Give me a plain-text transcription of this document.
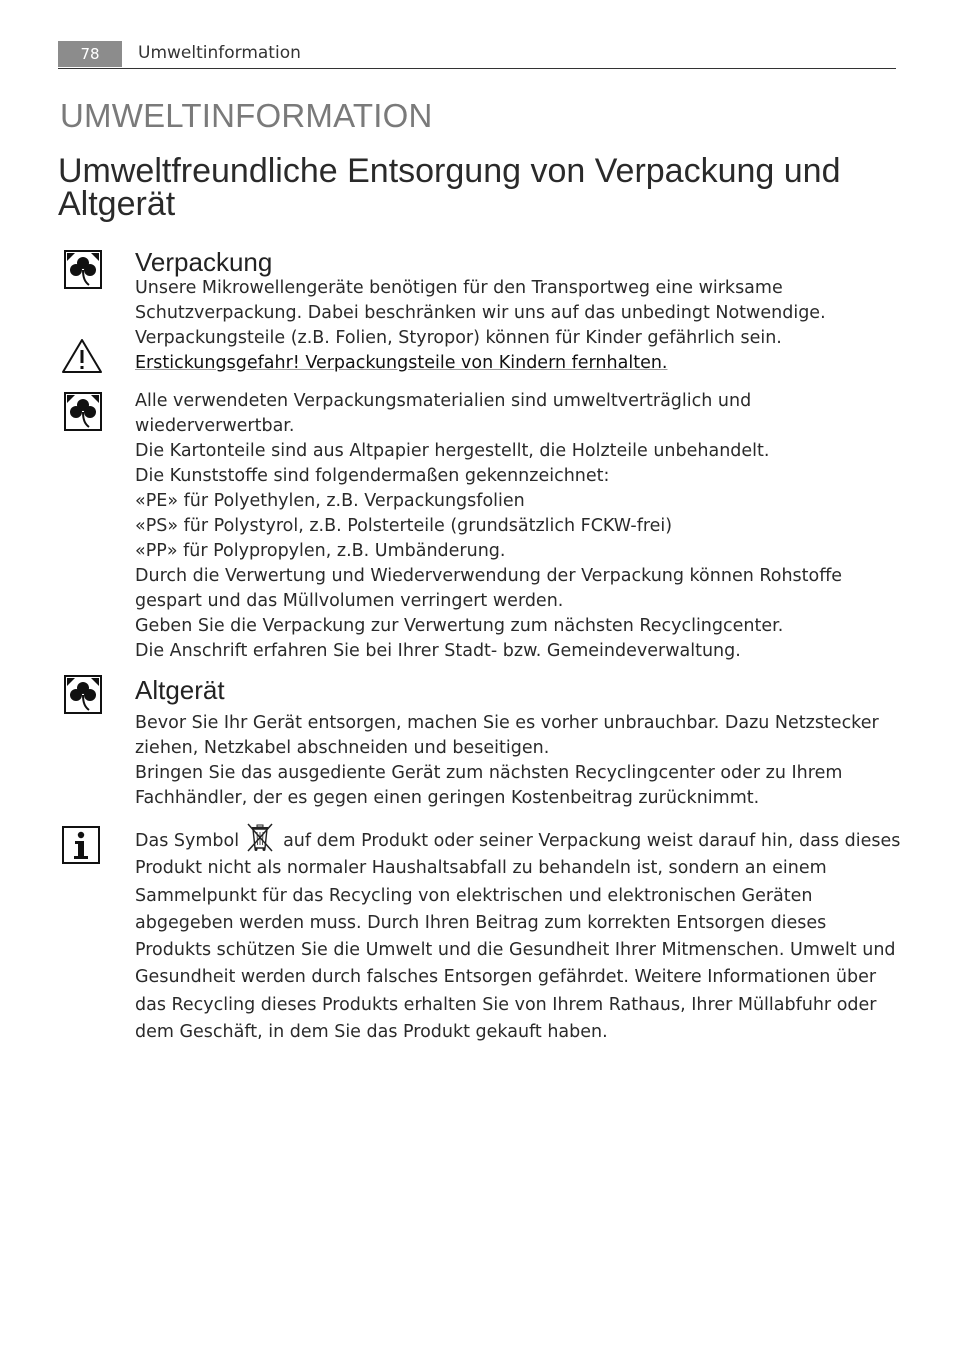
78	Umweltinformation
UMWELTINFORMATION
Umweltfreundliche Entsorgung von Verpackung und Altgerät
Verpackung
Unsere Mikrowellengeräte benötigen für den Transportweg eine wirksame
Schutzverpackung. Dabei beschränken wir uns auf das unbedingt Notwendige.
Verpackungsteile (z.B. Folien, Styropor) können für Kinder gefährlich sein.
Erstickungsgefahr! Verpackungsteile von Kindern fernhalten.
Alle verwendeten Verpackungsmaterialien sind umweltverträglich und
wiederverwertbar.
Die Kartonteile sind aus Altpapier hergestellt, die Holzteile unbehandelt.
Die Kunststoffe sind folgendermaßen gekennzeichnet:
«PE» für Polyethylen, z.B. Verpackungsfolien
«PS» für Polystyrol, z.B. Polsterteile (grundsätzlich FCKW-frei)
«PP» für Polypropylen, z.B. Umbänderung.
Durch die Verwertung und Wiederverwendung der Verpackung können Rohstoffe
gespart und das Müllvolumen verringert werden.
Geben Sie die Verpackung zur Verwertung zum nächsten Recyclingcenter.
Die Anschrift erfahren Sie bei Ihrer Stadt- bzw. Gemeindeverwaltung.
Altgerät
Bevor Sie Ihr Gerät entsorgen, machen Sie es vorher unbrauchbar. Dazu Netzstecker
ziehen, Netzkabel abschneiden und beseitigen.
Bringen Sie das ausgediente Gerät zum nächsten Recyclingcenter oder zu Ihrem
Fachhändler, der es gegen einen geringen Kostenbeitrag zurücknimmt.
Das Symbol	auf dem Produkt oder seiner Verpackung weist darauf hin, dass dieses Produkt nicht als normaler Haushaltsabfall zu behandeln ist, sondern an einem Sammelpunkt für das Recycling von elektrischen und elektronischen Geräten abgegeben werden muss. Durch Ihren Beitrag zum korrekten Entsorgen dieses Produkts schützen Sie die Umwelt und die Gesundheit Ihrer Mitmenschen. Umwelt und Gesundheit werden durch falsches Entsorgen gefährdet. Weitere Informationen über das Recycling dieses Produkts erhalten Sie von Ihrem Rathaus, Ihrer Müllabfuhr oder dem Geschäft, in dem Sie das Produkt gekauft haben.
